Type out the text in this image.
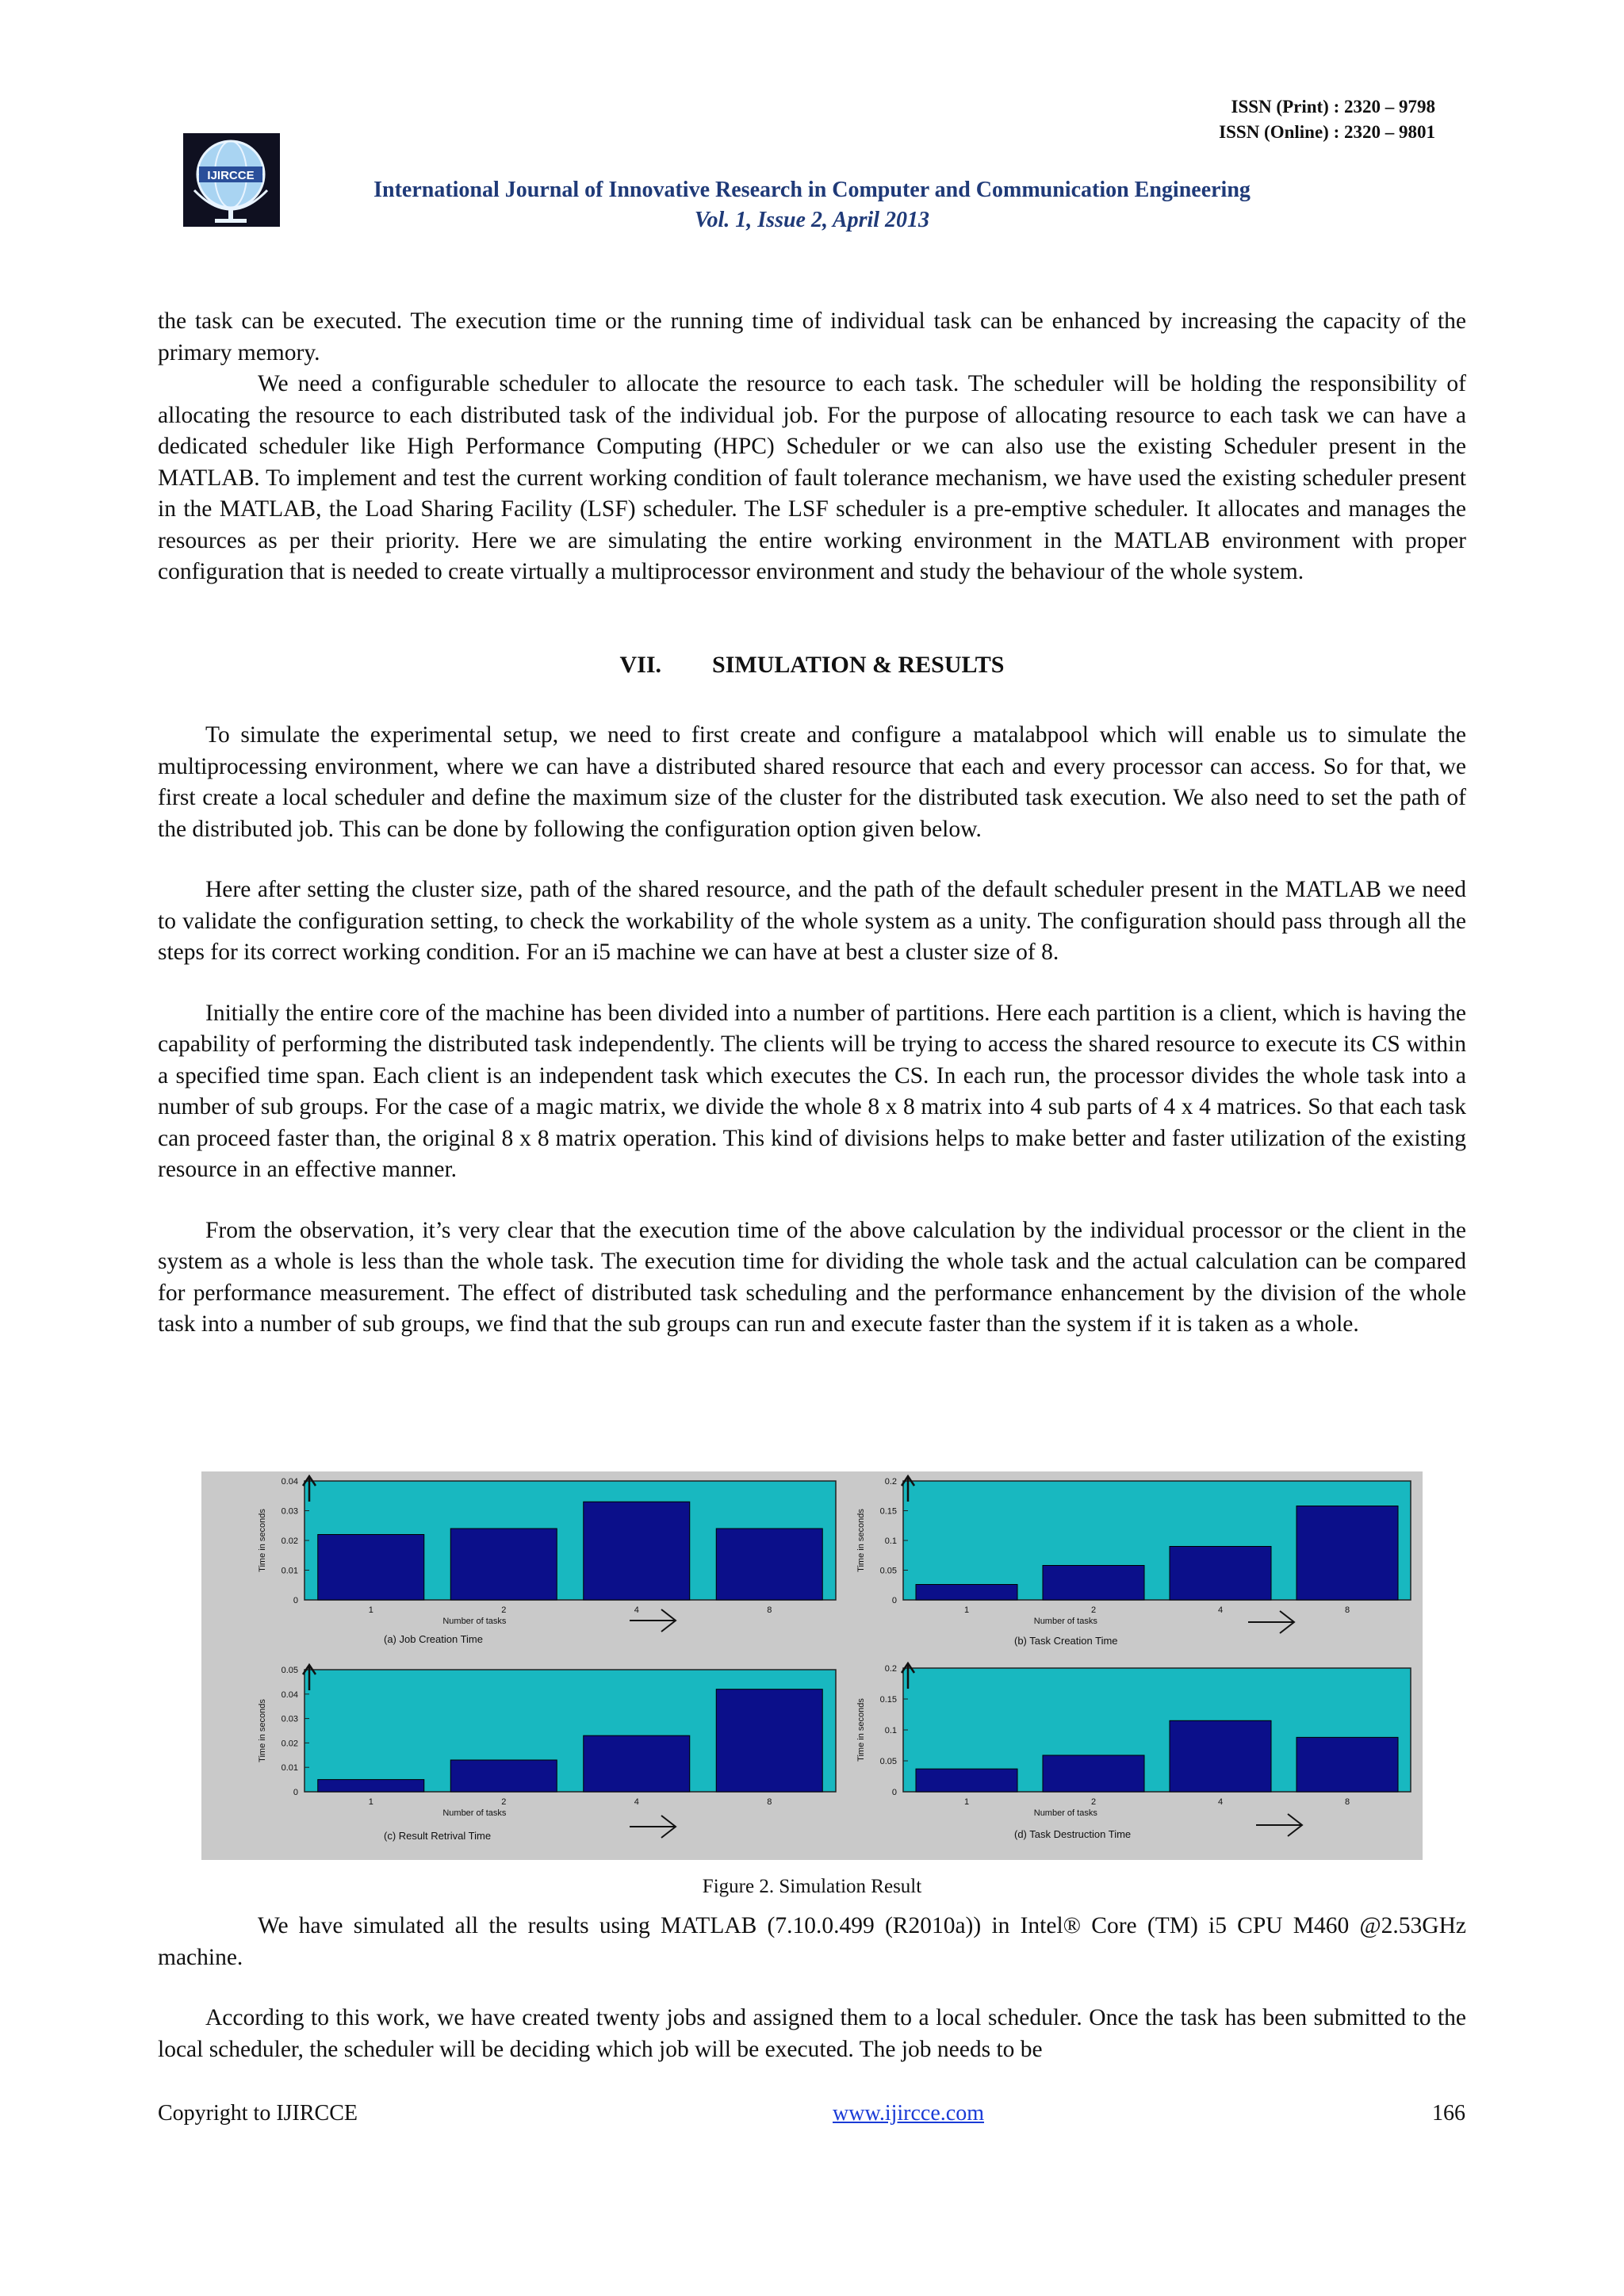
ISSN (Print) : 2320 – 9798
ISSN (Online) : 2320 – 9801
IJIRCCE
International Journal of Innovative Research in Computer and Communication Engineering
Vol. 1, Issue 2, April 2013

the task can be executed. The execution time or the running time of individual task can be enhanced by increasing the capacity of the primary memory.

We need a configurable scheduler to allocate the resource to each task. The scheduler will be holding the responsibility of allocating the resource to each distributed task of the individual job. For the purpose of allocating resource to each task we can have a dedicated scheduler like High Performance Computing (HPC) Scheduler or we can also use the existing Scheduler present in the MATLAB. To implement and test the current working condition of fault tolerance mechanism, we have used the existing scheduler present in the MATLAB, the Load Sharing Facility (LSF) scheduler. The LSF scheduler is a pre-emptive scheduler. It allocates and manages the resources as per their priority. Here we are simulating the entire working environment in the MATLAB environment with proper configuration that is needed to create virtually a multiprocessor environment and study the behaviour of the whole system.

VII. SIMULATION & RESULTS

To simulate the experimental setup, we need to first create and configure a matalabpool which will enable us to simulate the multiprocessing environment, where we can have a distributed shared resource that each and every processor can access. So for that, we first create a local scheduler and define the maximum size of the cluster for the distributed task execution. We also need to set the path of the distributed job. This can be done by following the configuration option given below.

Here after setting the cluster size, path of the shared resource, and the path of the default scheduler present in the MATLAB we need to validate the configuration setting, to check the workability of the whole system as a unity. The configuration should pass through all the steps for its correct working condition. For an i5 machine we can have at best a cluster size of 8.

Initially the entire core of the machine has been divided into a number of partitions. Here each partition is a client, which is having the capability of performing the distributed task independently. The clients will be trying to access the shared resource to execute its CS within a specified time span. Each client is an independent task which executes the CS. In each run, the processor divides the whole task into a number of sub groups. For the case of a magic matrix, we divide the whole 8 x 8 matrix into 4 sub parts of 4 x 4 matrices. So that each task can proceed faster than, the original 8 x 8 matrix operation. This kind of divisions helps to make better and faster utilization of the existing resource in an effective manner.

From the observation, it’s very clear that the execution time of the above calculation by the individual processor or the client in the system as a whole is less than the whole task. The execution time for dividing the whole task and the actual calculation can be compared for performance measurement. The effect of distributed task scheduling and the performance enhancement by the division of the whole task into a number of sub groups, we find that the sub groups can run and execute faster than the system if it is taken as a whole.

0
0.01
0.02
0.03
0.04
1	2	4	8
Number of tasks
Time in seconds
(a) Job Creation Time
0
0.05
0.1
0.15
0.2
1	2	4	8
Number of tasks
Time in seconds
(b) Task Creation Time
0
0.01
0.02
0.03
0.04
0.05
1	2	4	8
Number of tasks
Time in seconds
(c) Result Retrival Time
0
0.05
0.1
0.15
0.2
1	2	4	8
Number of tasks
Time in seconds
(d) Task Destruction Time
Figure 2. Simulation Result

We have simulated all the results using MATLAB (7.10.0.499 (R2010a)) in Intel® Core (TM) i5 CPU M460 @2.53GHz machine.

According to this work, we have created twenty jobs and assigned them to a local scheduler. Once the task has been submitted to the local scheduler, the scheduler will be deciding which job will be executed. The job needs to be

Copyright to IJIRCCE	www.ijircce.com	166
